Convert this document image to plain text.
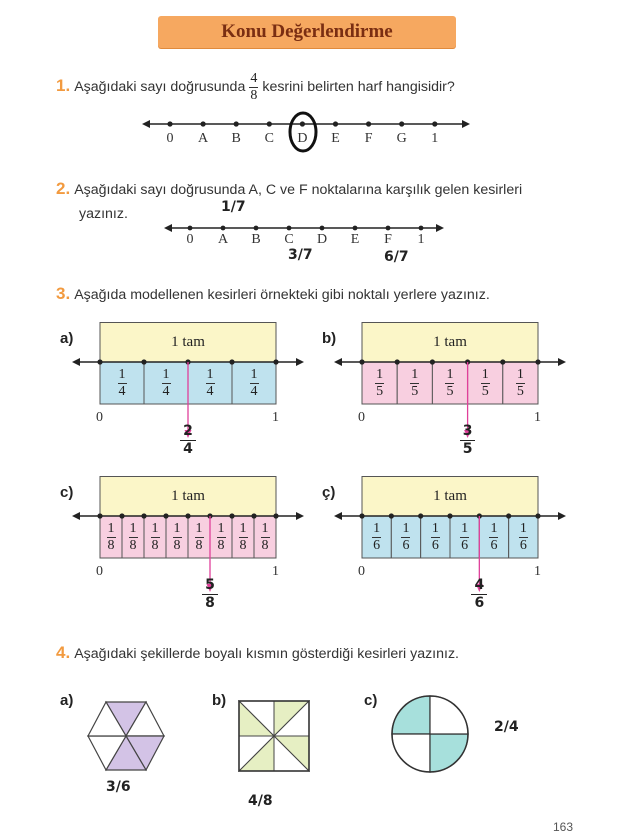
Konu Değerlendirme
1. Aşağıdaki sayı doğrusunda $\frac{4}{8}$ kesrini belirten harf hangisidir?
0 A B C D E F G 1
2. Aşağıdaki sayı doğrusunda A, C ve F noktalarına karşılık gelen kesirleri
yazınız.	1/7
0 A B C D E F 1
3/7	6/7
3. Aşağıda modellenen kesirleri örnekteki gibi noktalı yerlere yazınız.
a)	1 tam
$\frac{1}{4}$	$\frac{1}{4}$	$\frac{1}{4}$	$\frac{1}{4}$
0	1
$\frac{2}{4}$
b)	1 tam
$\frac{1}{5} \frac{1}{5} \frac{1}{5} \frac{1}{5} \frac{1}{5}$
0	1
$\frac{3}{5}$
c)	1 tam
$\frac{1}{8} \frac{1}{8} \frac{1}{8} \frac{1}{8} \frac{1}{8} \frac{1}{8} \frac{1}{8} \frac{1}{8}$
0	1
$\frac{5}{8}$
ç)	1 tam
$\frac{1}{6} \frac{1}{6} \frac{1}{6} \frac{1}{6} \frac{1}{6} \frac{1}{6}$
0	1
$\frac{4}{6}$
4. Aşağıdaki şekillerde boyalı kısmın gösterdiği kesirleri yazınız.
a)
3/6
b)
4/8
c)
2/4
163
